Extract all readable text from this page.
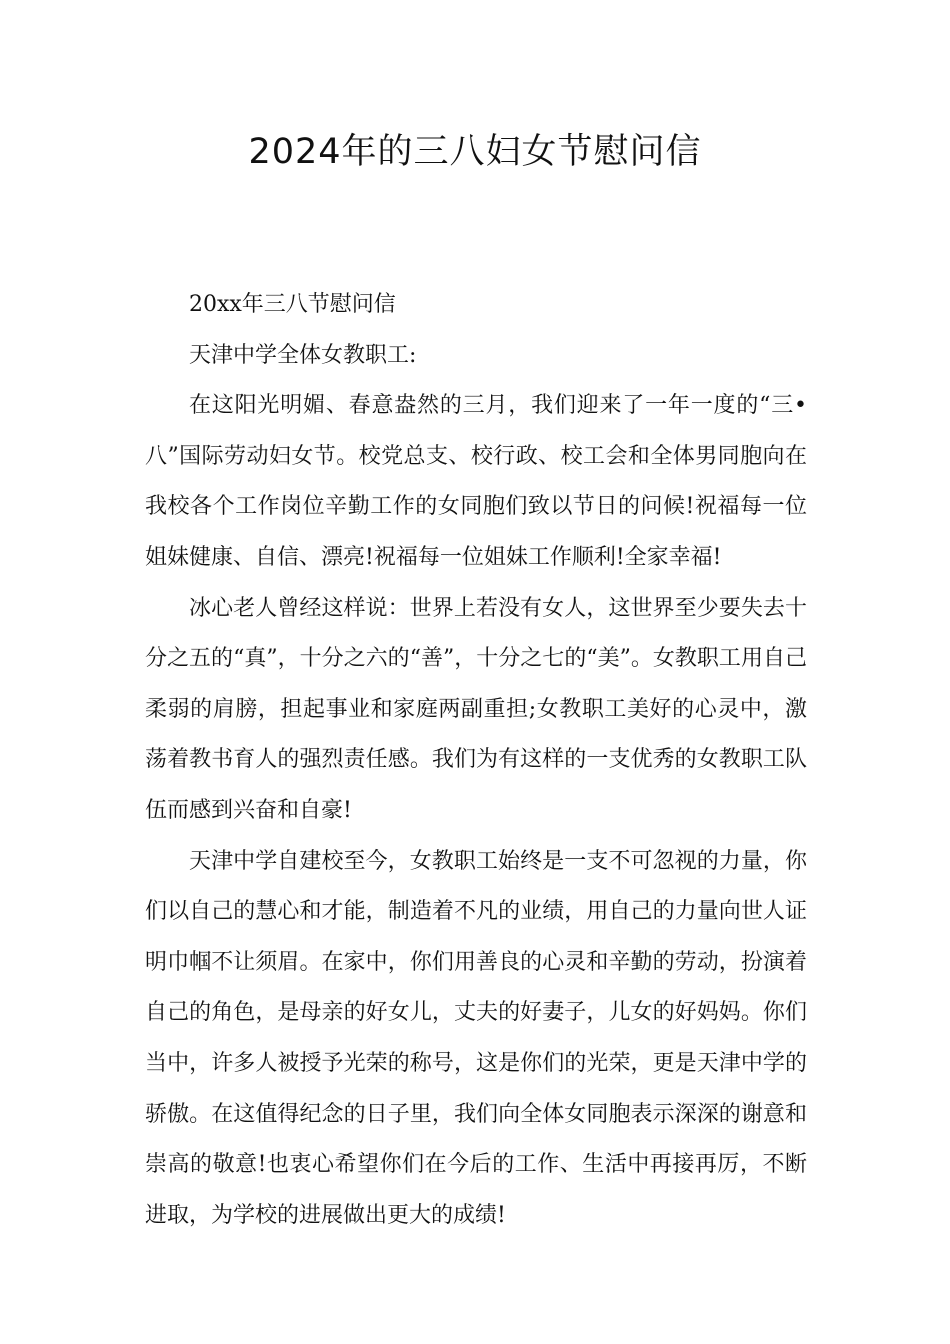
2024年的三八妇女节慰问信

20xx年三八节慰问信

天津中学全体女教职工:

在这阳光明媚、春意盎然的三月，我们迎来了一年一度的“三•八”国际劳动妇女节。校党总支、校行政、校工会和全体男同胞向在我校各个工作岗位辛勤工作的女同胞们致以节日的问候!祝福每一位姐妹健康、自信、漂亮!祝福每一位姐妹工作顺利!全家幸福!

冰心老人曾经这样说：世界上若没有女人，这世界至少要失去十分之五的“真”，十分之六的“善”，十分之七的“美”。女教职工用自己柔弱的肩膀，担起事业和家庭两副重担;女教职工美好的心灵中，激荡着教书育人的强烈责任感。我们为有这样的一支优秀的女教职工队伍而感到兴奋和自豪!

天津中学自建校至今，女教职工始终是一支不可忽视的力量，你们以自己的慧心和才能，制造着不凡的业绩，用自己的力量向世人证明巾帼不让须眉。在家中，你们用善良的心灵和辛勤的劳动，扮演着自己的角色，是母亲的好女儿，丈夫的好妻子，儿女的好妈妈。你们当中，许多人被授予光荣的称号，这是你们的光荣，更是天津中学的骄傲。在这值得纪念的日子里，我们向全体女同胞表示深深的谢意和崇高的敬意!也衷心希望你们在今后的工作、生活中再接再厉，不断进取，为学校的进展做出更大的成绩!
